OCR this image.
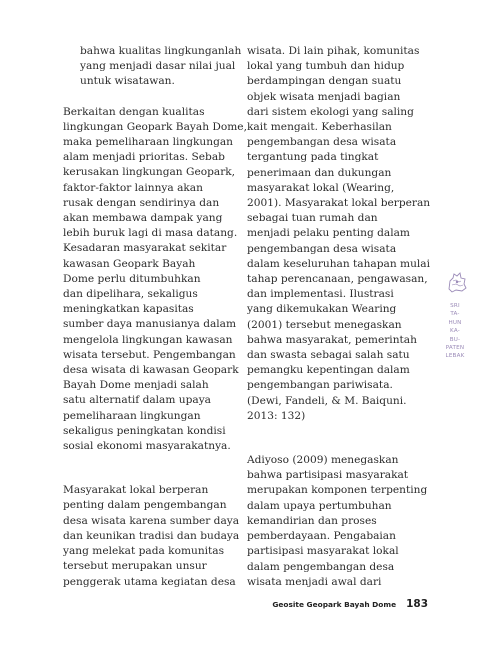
bahwa kualitas lingkunganlah

yang menjadi dasar nilai jual

untuk wisatawan.

Berkaitan dengan kualitas

lingkungan Geopark Bayah Dome,

maka pemeliharaan lingkungan

alam menjadi prioritas. Sebab

kerusakan lingkungan Geopark,

faktor-faktor lainnya akan

rusak dengan sendirinya dan

akan membawa dampak yang

lebih buruk lagi di masa datang.

Kesadaran masyarakat sekitar

kawasan Geopark Bayah

Dome perlu ditumbuhkan

dan dipelihara, sekaligus

meningkatkan kapasitas

sumber daya manusianya dalam

mengelola lingkungan kawasan

wisata tersebut. Pengembangan

desa wisata di kawasan Geopark

Bayah Dome menjadi salah

satu alternatif dalam upaya

pemeliharaan lingkungan

sekaligus peningkatan kondisi

sosial ekonomi masyarakatnya.

Masyarakat lokal berperan

penting dalam pengembangan

desa wisata karena sumber daya

dan keunikan tradisi dan budaya

yang melekat pada komunitas

tersebut merupakan unsur

penggerak utama kegiatan desa

wisata. Di lain pihak, komunitas

lokal yang tumbuh dan hidup

berdampingan dengan suatu

objek wisata menjadi bagian

dari sistem ekologi yang saling

kait mengait. Keberhasilan

pengembangan desa wisata

tergantung pada tingkat

penerimaan dan dukungan

masyarakat lokal (Wearing,

2001). Masyarakat lokal berperan

sebagai tuan rumah dan

menjadi pelaku penting dalam

pengembangan desa wisata

dalam keseluruhan tahapan mulai

tahap perencanaan, pengawasan,

dan implementasi. Ilustrasi

yang dikemukakan Wearing

(2001) tersebut menegaskan

bahwa masyarakat, pemerintah

dan swasta sebagai salah satu

pemangku kepentingan dalam

pengembangan pariwisata.

(Dewi, Fandeli, & M. Baiquni.

2013: 132)

Adiyoso (2009) menegaskan

bahwa partisipasi masyarakat

merupakan komponen terpenting

dalam upaya pertumbuhan

kemandirian dan proses

pemberdayaan. Pengabaian

partisipasi masyarakat lokal

dalam pengembangan desa

wisata menjadi awal dari

SRI
TA-
HUN
KA-
BU-
PATEN
LEBAK
Geosite Geopark Bayah Dome 183
